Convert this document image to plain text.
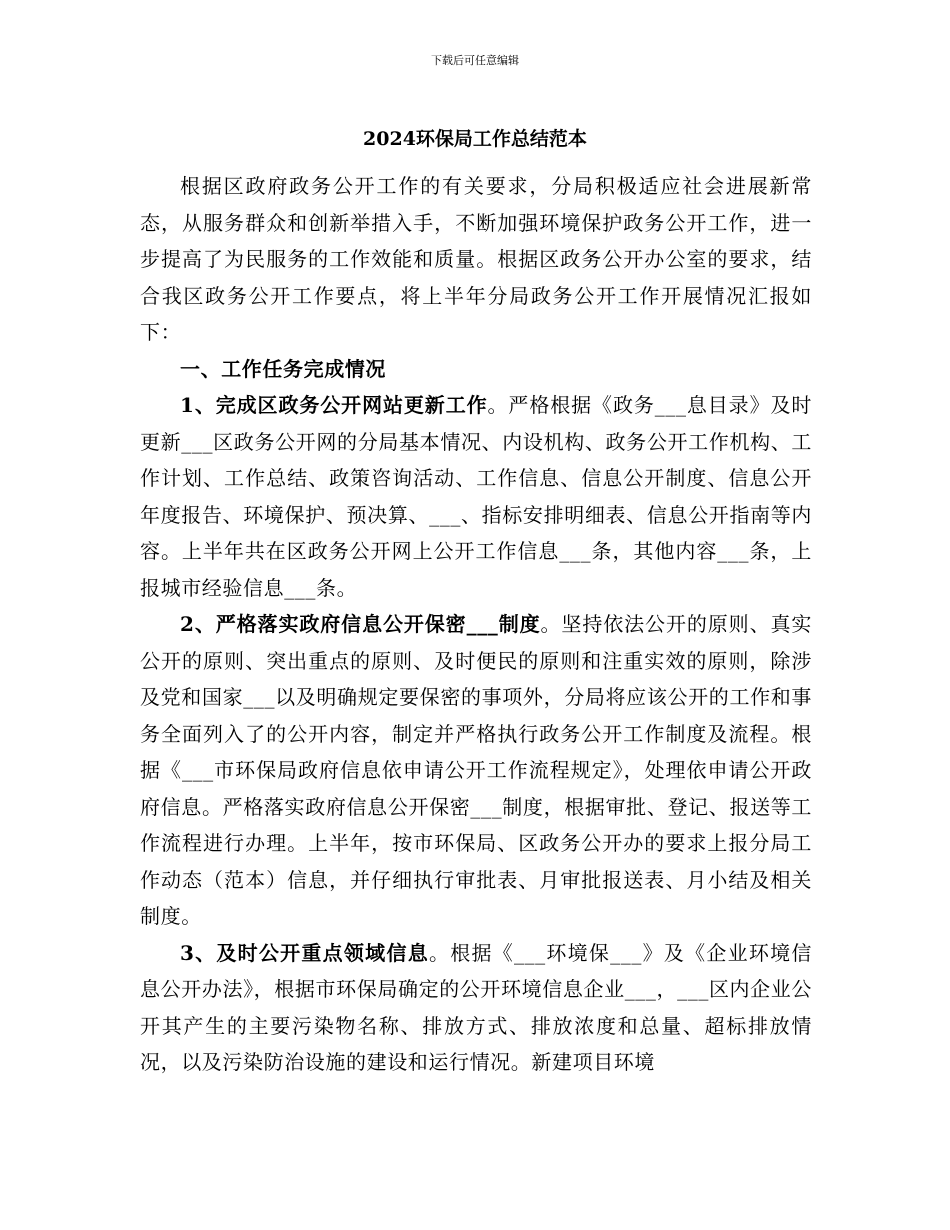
下载后可任意编辑
2024环保局工作总结范本

根据区政府政务公开工作的有关要求，分局积极适应社会进展新常态，从服务群众和创新举措入手，不断加强环境保护政务公开工作，进一步提高了为民服务的工作效能和质量。根据区政务公开办公室的要求，结合我区政务公开工作要点，将上半年分局政务公开工作开展情况汇报如下：

一、工作任务完成情况

1、完成区政务公开网站更新工作。严格根据《政务___息目录》及时更新___区政务公开网的分局基本情况、内设机构、政务公开工作机构、工作计划、工作总结、政策咨询活动、工作信息、信息公开制度、信息公开年度报告、环境保护、预决算、___、指标安排明细表、信息公开指南等内容。上半年共在区政务公开网上公开工作信息___条，其他内容___条，上报城市经验信息___条。

2、严格落实政府信息公开保密___制度。坚持依法公开的原则、真实公开的原则、突出重点的原则、及时便民的原则和注重实效的原则，除涉及党和国家___以及明确规定要保密的事项外，分局将应该公开的工作和事务全面列入了的公开内容，制定并严格执行政务公开工作制度及流程。根据《___市环保局政府信息依申请公开工作流程规定》，处理依申请公开政府信息。严格落实政府信息公开保密___制度，根据审批、登记、报送等工作流程进行办理。上半年，按市环保局、区政务公开办的要求上报分局工作动态（范本）信息，并仔细执行审批表、月审批报送表、月小结及相关制度。

3、及时公开重点领域信息。根据《___环境保___》及《企业环境信息公开办法》，根据市环保局确定的公开环境信息企业___，___区内企业公开其产生的主要污染物名称、排放方式、排放浓度和总量、超标排放情况，以及污染防治设施的建设和运行情况。新建项目环境
